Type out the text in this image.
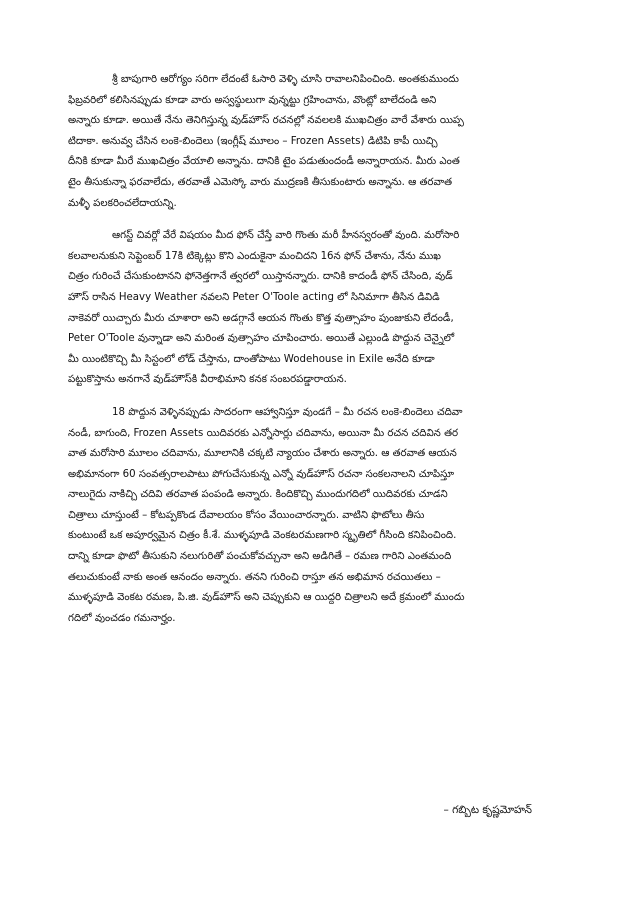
శ్రీ బాపుగారి ఆరోగ్యం సరిగా లేదంటే ఓసారి వెళ్ళి చూసి రావాలనిపించింది. అంతకుముందు
ఫిబ్రవరిలో కలిసినప్పుడు కూడా వారు అస్వస్థులుగా వున్నట్టు గ్రహించాను, వొంట్లో బాలేదండి అని
అన్నారు కూడా. అయితే నేను తెనిగిస్తున్న వుడ్‌హౌస్ రచనల్లో నవలలకి ముఖచిత్రం వారే వేశారు యిప్ప
టిదాకా. అనువ్వ చేసిన లంకె-బిందెలు (ఇంగ్లీష్ మూలం – Frozen Assets) డిటిపి కాపీ యిచ్చి
దీనికి కూడా మీరే ముఖచిత్రం వేయాలి అన్నాను. దానికి టైం పడుతుందండీ అన్నారాయన. మీరు ఎంత
టైం తీసుకున్నా ఫరవాలేదు, తరవాతే ఎమెస్కో వారు ముద్రణకి తీసుకుంటారు అన్నాను. ఆ తరవాత
మళ్ళీ పలకరించలేదాయన్ని.

ఆగస్ట్ చివర్లో వేరే విషయం మీద ఫోన్ చేస్తే వారి గొంతు మరీ హీనస్వరంతో వుంది. మరోసారి
కలవాలనుకుని సెప్టెంబర్ 17కి టిక్కెట్లు కొని ఎందుకైనా మంచిదని 16న ఫోన్ చేశాను, నేను ముఖ
చిత్రం గురించే చేసుకుంటానని ఫోనెత్తగానే త్వరలో యిస్తానన్నారు. దానికి కాదండీ ఫోన్ చేసింది, వుడ్
హౌస్ రాసిన Heavy Weather నవలని Peter O'Toole acting లో సినిమాగా తీసిన డివిడి
నాకెవరో యిచ్చారు మీరు చూశారా అని అడగ్గానే ఆయన గొంతు కొత్త వుత్సాహం పుంజుకుని లేదండీ,
Peter O'Toole వున్నాడా అని మరింత వుత్సాహం చూపించారు. అయితే ఎల్లుండి పొద్దున చెన్నైలో
మీ యింటికొచ్చి మీ సిస్టంలో లోడ్ చేస్తాను, దాంతోపాటు Wodehouse in Exile అనేది కూడా
పట్టుకొస్తాను అనగానే వుడ్‌హౌస్‌కి వీరాభిమాని కనక సంబరపడ్డారాయన.

18 పొద్దున వెళ్ళినప్పుడు సాదరంగా ఆహ్వానిస్తూ వుండగే – మీ రచన లంకె-బిందెలు చదివా
నండీ, బాగుంది, Frozen Assets యిదివరకు ఎన్నోసార్లు చదివాను, అయినా మీ రచన చదివిన తర
వాత మరోసారి మూలం చదివాను, మూలానికి చక్కటి న్యాయం చేశారు అన్నారు. ఆ తరవాత ఆయన
అభిమానంగా 60 సంవత్సరాలపాటు పోగుచేసుకున్న ఎన్నో వుడ్‌హౌస్ రచనా సంకలనాలని చూపిస్తూ
నాలుగైదు నాకిచ్చి చదివి తరవాత పంపండి అన్నారు. కిందికొచ్చి ముందుగదిలో యిదివరకు చూడని
చిత్రాలు చూస్తుంటే – కోటప్పకొండ దేవాలయం కోసం వేయించారన్నారు. వాటిని ఫొటోలు తీసు
కుంటుంటే ఒక అపూర్వమైన చిత్రం కీ.శే. ముళ్ళపూడి వెంకటరమణగారి స్మృతిలో గీసింది కనిపించింది.
దాన్ని కూడా ఫొటో తీసుకుని నలుగురితో పంచుకోవచ్చునా అని అడిగితే – రమణ గారిని ఎంతమంది
తలుచుకుంటే నాకు అంత ఆనందం అన్నారు. తనని గురించి రాస్తూ తన అభిమాన రచయితలు –
ముళ్ళపూడి వెంకట రమణ, పి.జి. వుడ్‌హౌస్ అని చెప్పుకుని ఆ యిద్దరి చిత్రాలని అదే క్రమంలో ముందు
గదిలో వుంచడం గమనార్హం.

– గబ్బిట కృష్ణమోహన్
